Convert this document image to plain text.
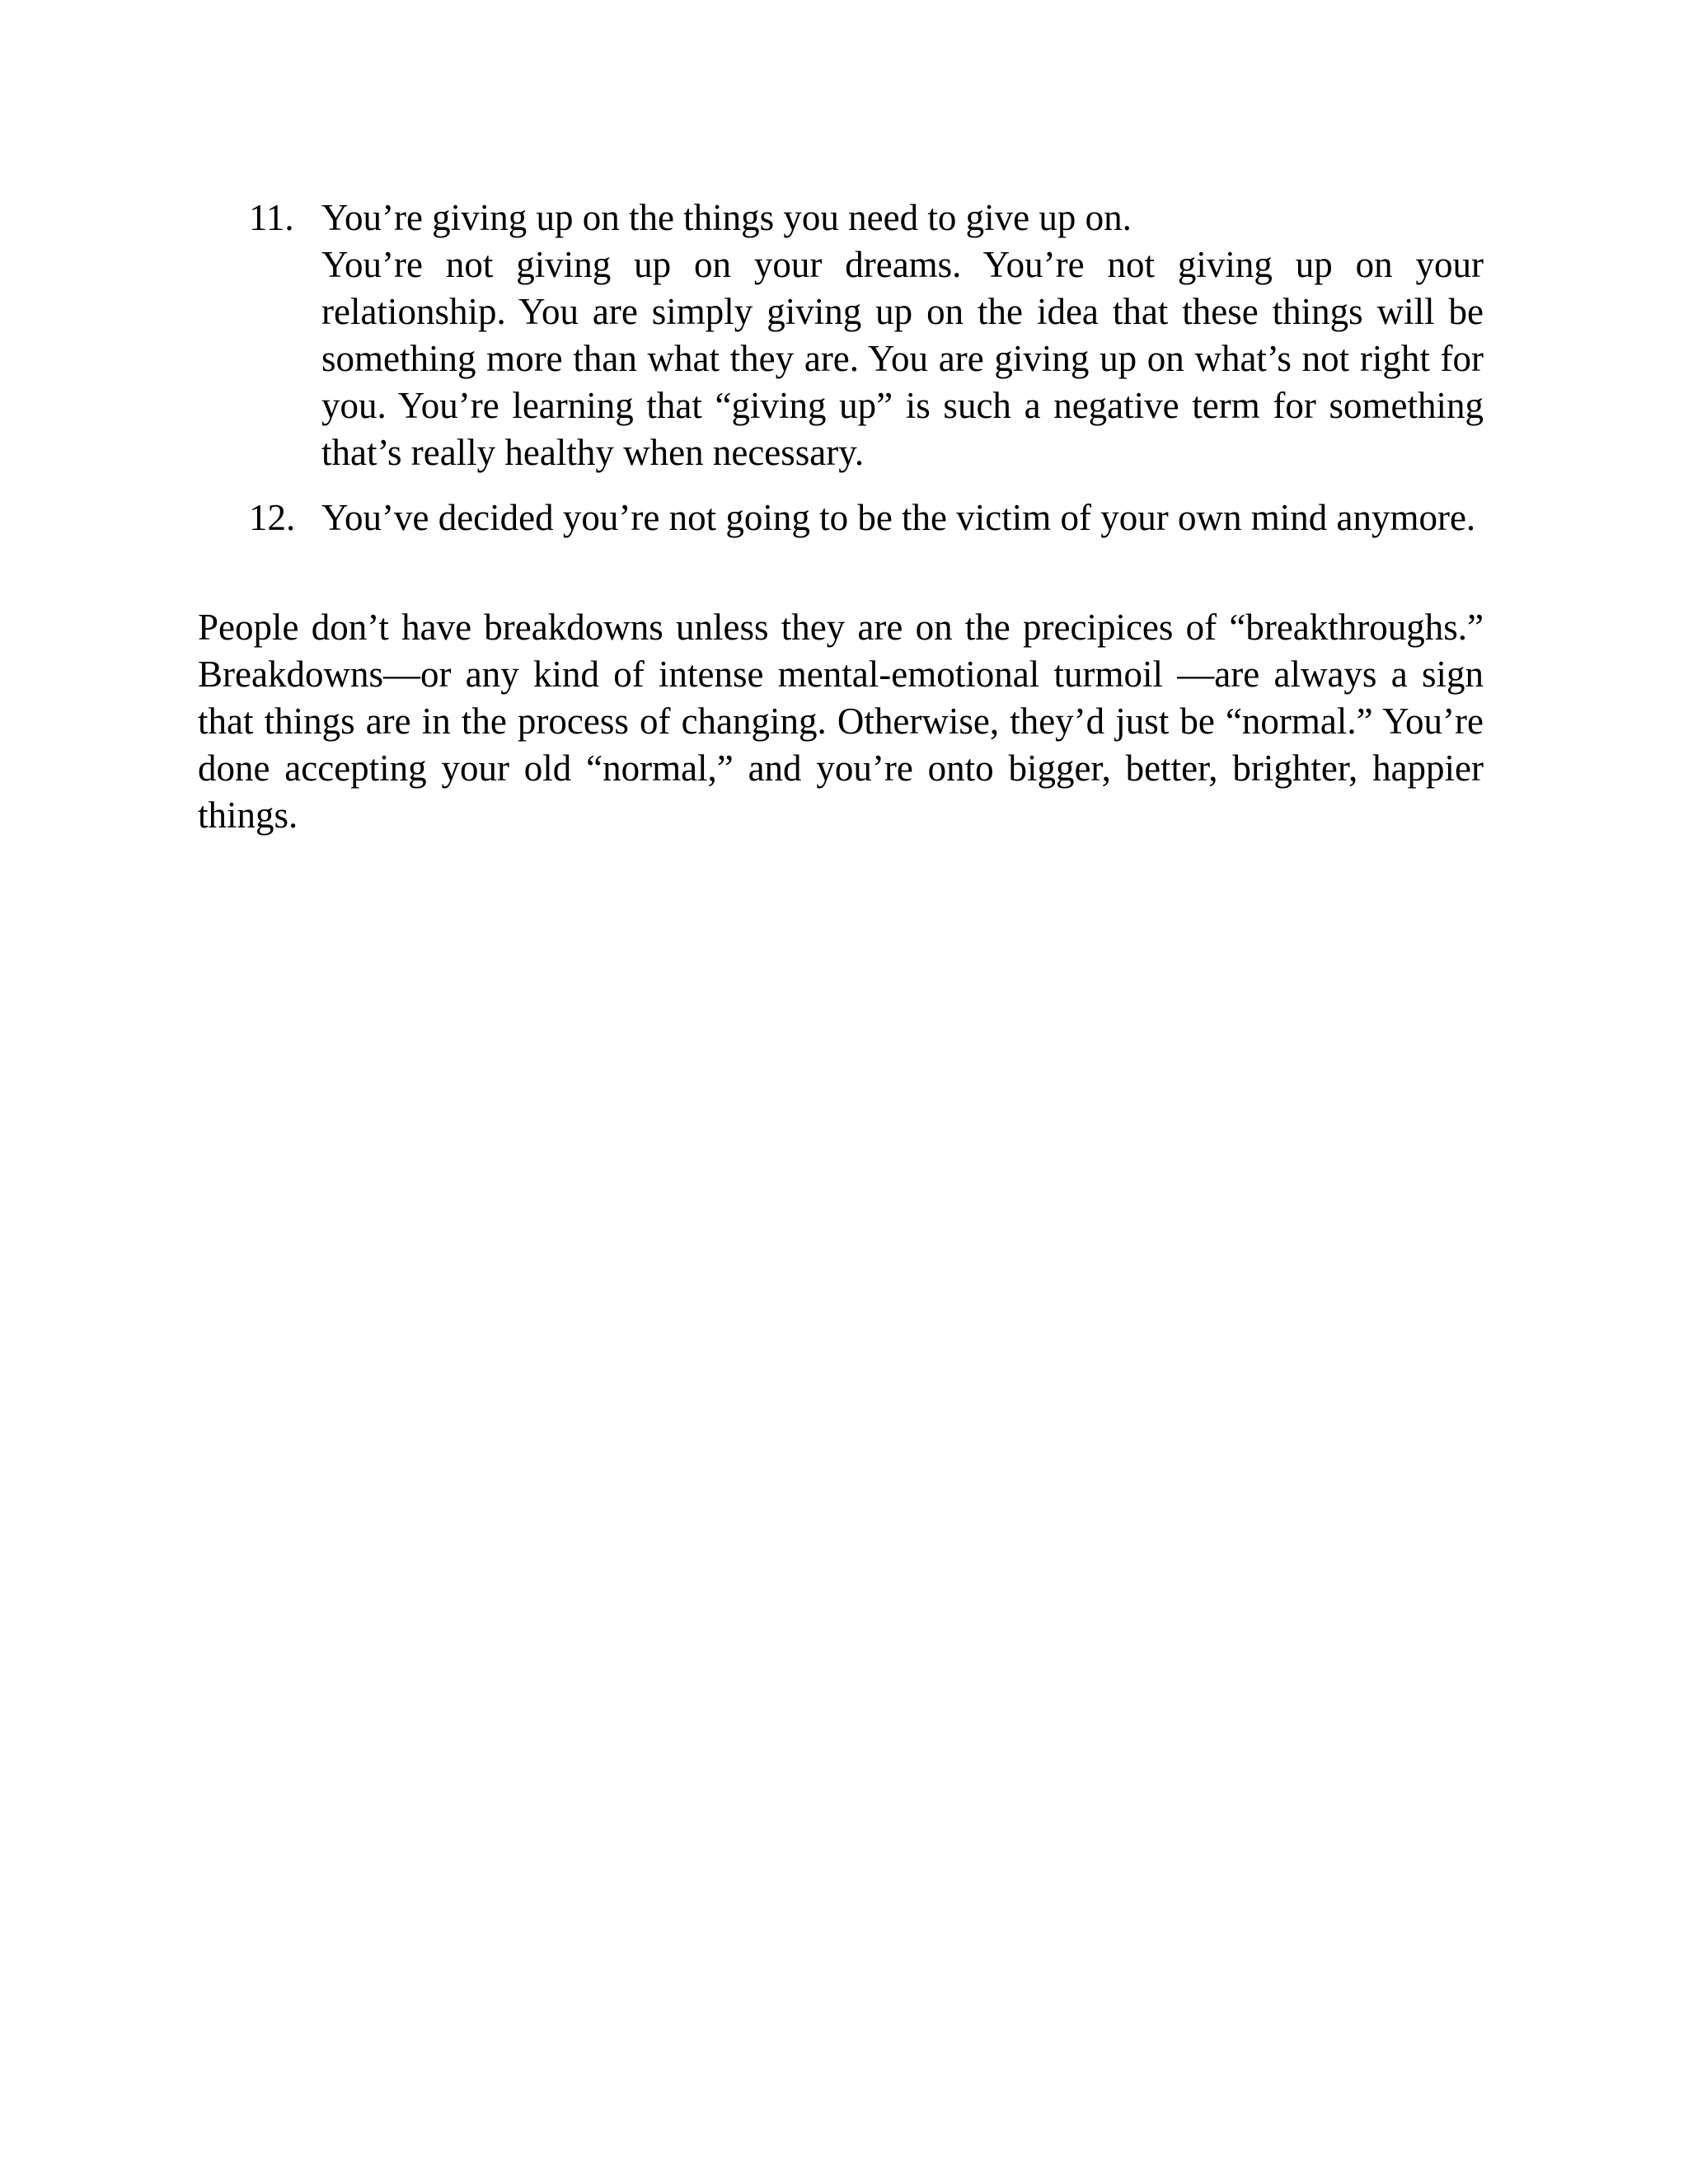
11. You’re giving up on the things you need to give up on.
You’re not giving up on your dreams. You’re not giving up on your relationship. You are simply giving up on the idea that these things will be something more than what they are. You are giving up on what’s not right for you. You’re learning that “giving up” is such a negative term for something that’s really healthy when necessary.
12. You’ve decided you’re not going to be the victim of your own mind anymore.

People don’t have breakdowns unless they are on the precipices of “breakthroughs.” Breakdowns—or any kind of intense mental-emotional turmoil —are always a sign that things are in the process of changing. Otherwise, they’d just be “normal.” You’re done accepting your old “normal,” and you’re onto bigger, better, brighter, happier things.
